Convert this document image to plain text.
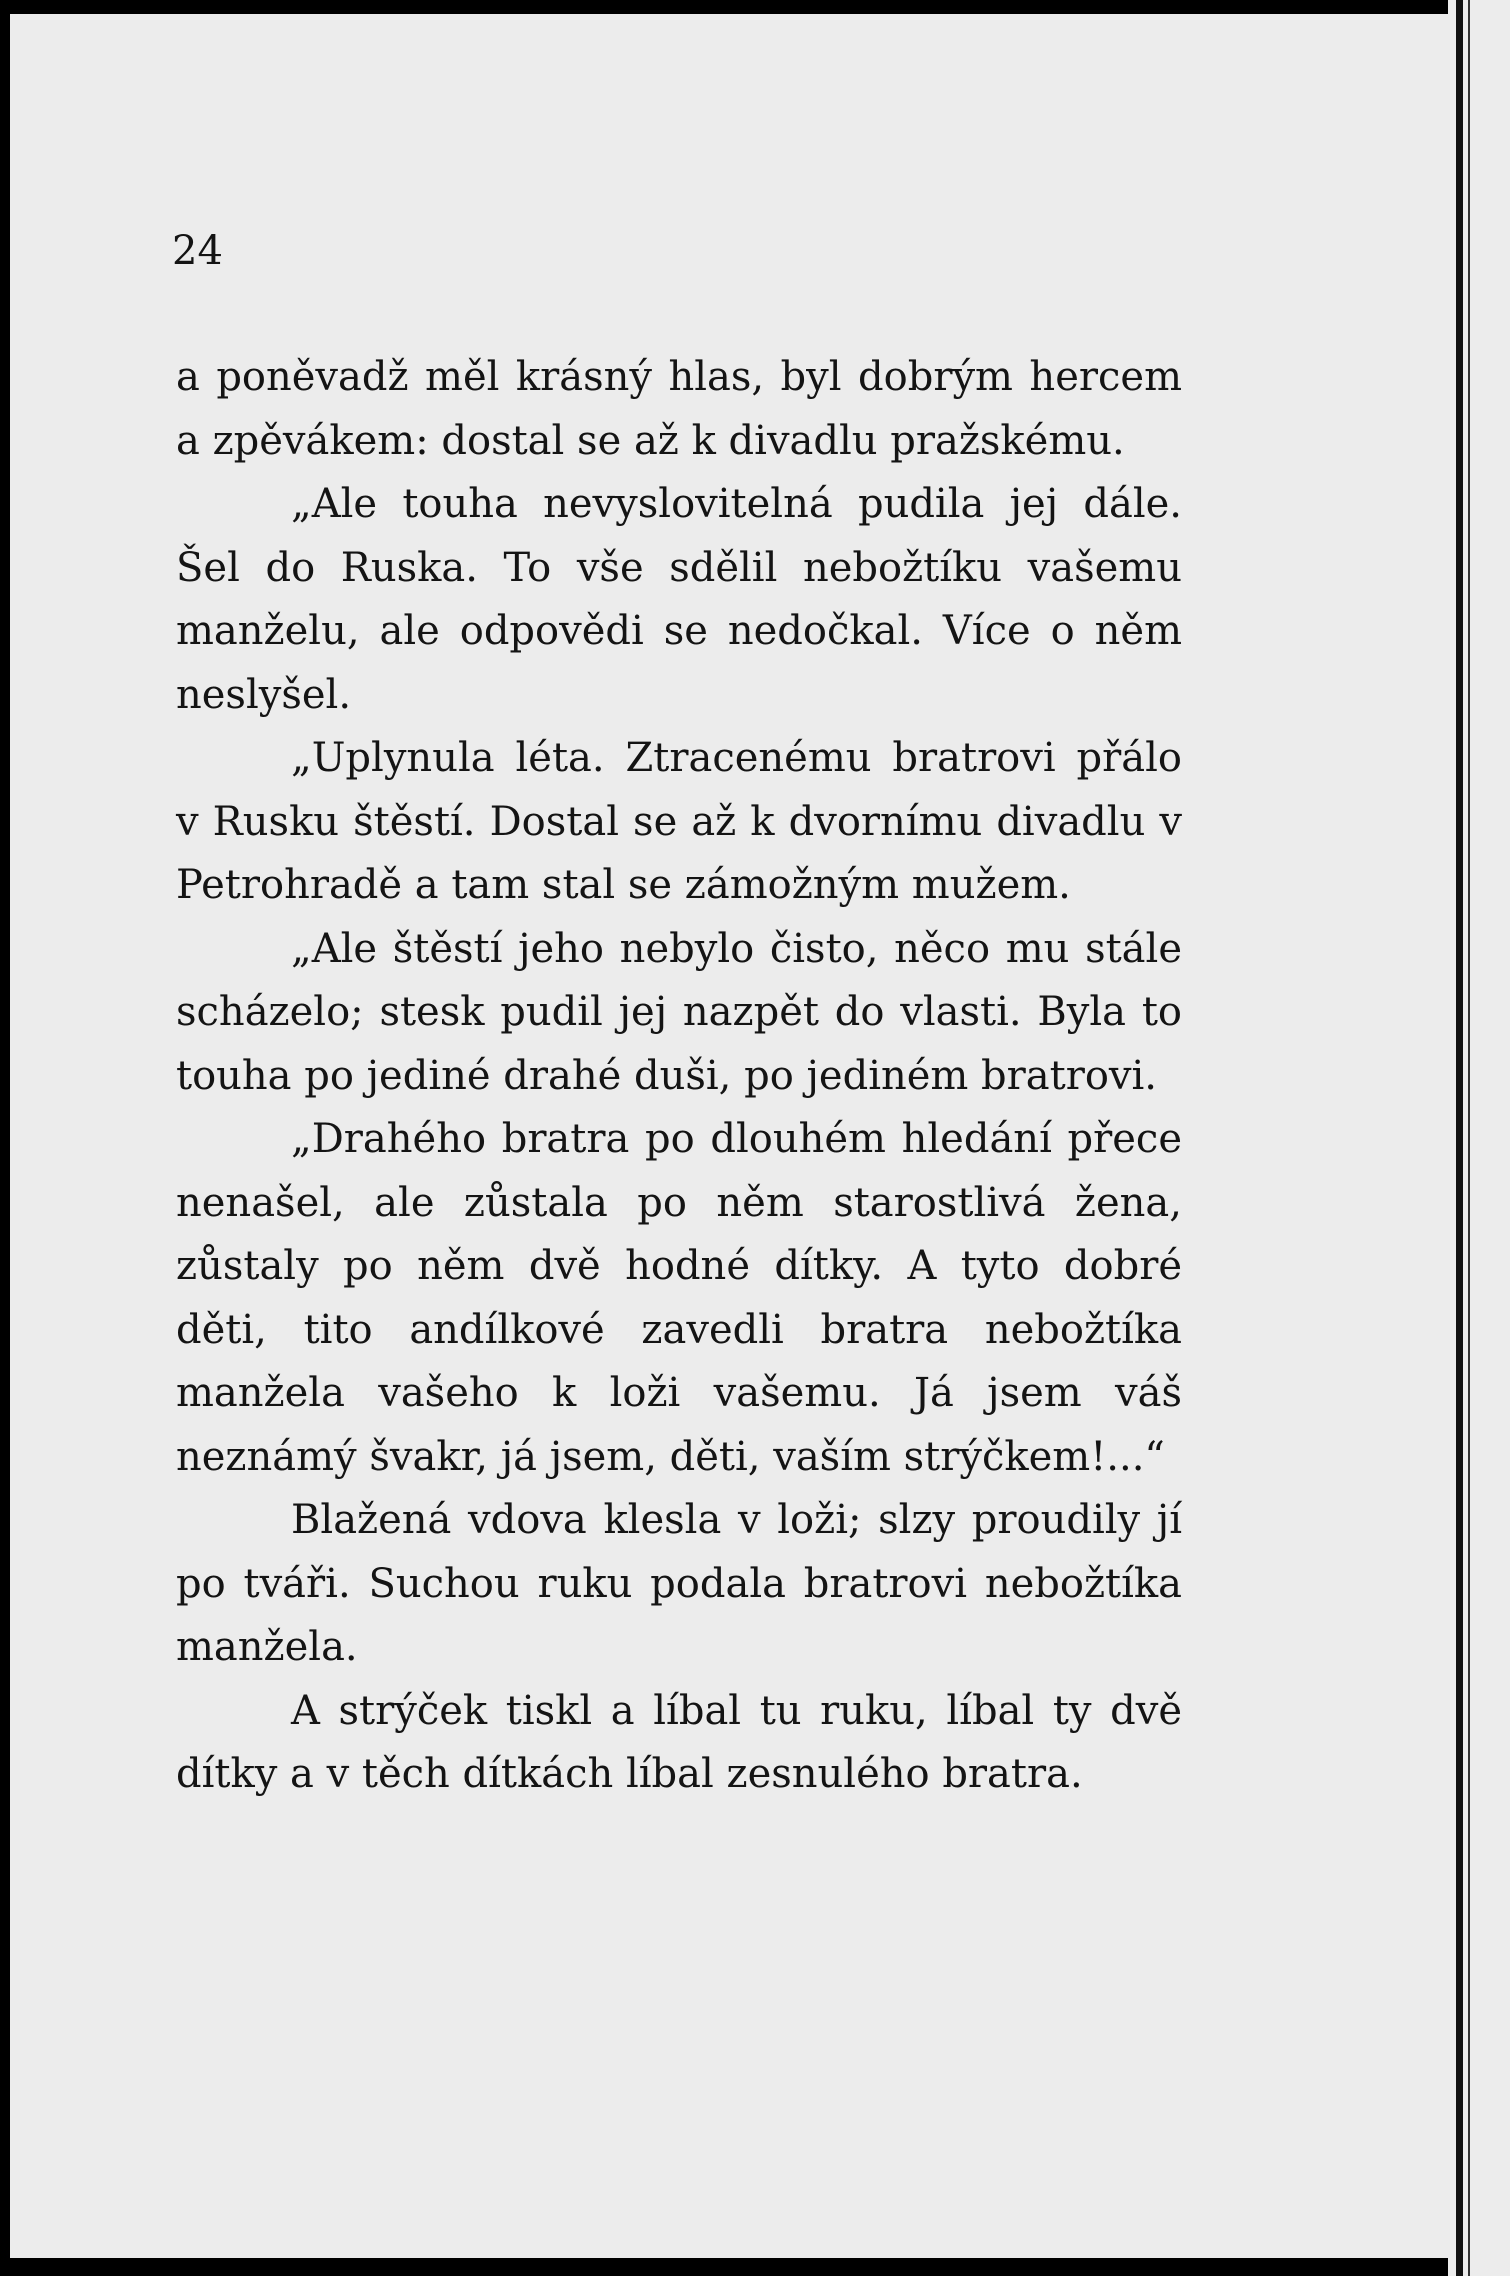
24

a poněvadž měl krásný hlas, byl dobrým hercem a zpěvákem: dostal se až k divadlu pražskému.

„Ale touha nevyslovitelná pudila jej dále. Šel do Ruska. To vše sdělil nebožtíku vašemu manželu, ale odpovědi se nedočkal. Více o něm neslyšel.

„Uplynula léta. Ztracenému bratrovi přálo v Rusku štěstí. Dostal se až k dvornímu divadlu v Petrohradě a tam stal se zámožným mužem.

„Ale štěstí jeho nebylo čisto, něco mu stále scházelo; stesk pudil jej nazpět do vlasti. Byla to touha po jediné drahé duši, po jediném bratrovi.

„Drahého bratra po dlouhém hledání přece nenašel, ale zůstala po něm starostlivá žena, zůstaly po něm dvě hodné dítky. A tyto dobré děti, tito andílkové zavedli bratra nebožtíka manžela vašeho k loži vašemu. Já jsem váš neznámý švakr, já jsem, děti, vaším strýčkem!...“

Blažená vdova klesla v loži; slzy proudily jí po tváři. Suchou ruku podala bratrovi nebožtíka manžela.

A strýček tiskl a líbal tu ruku, líbal ty dvě dítky a v těch dítkách líbal zesnulého bratra.
